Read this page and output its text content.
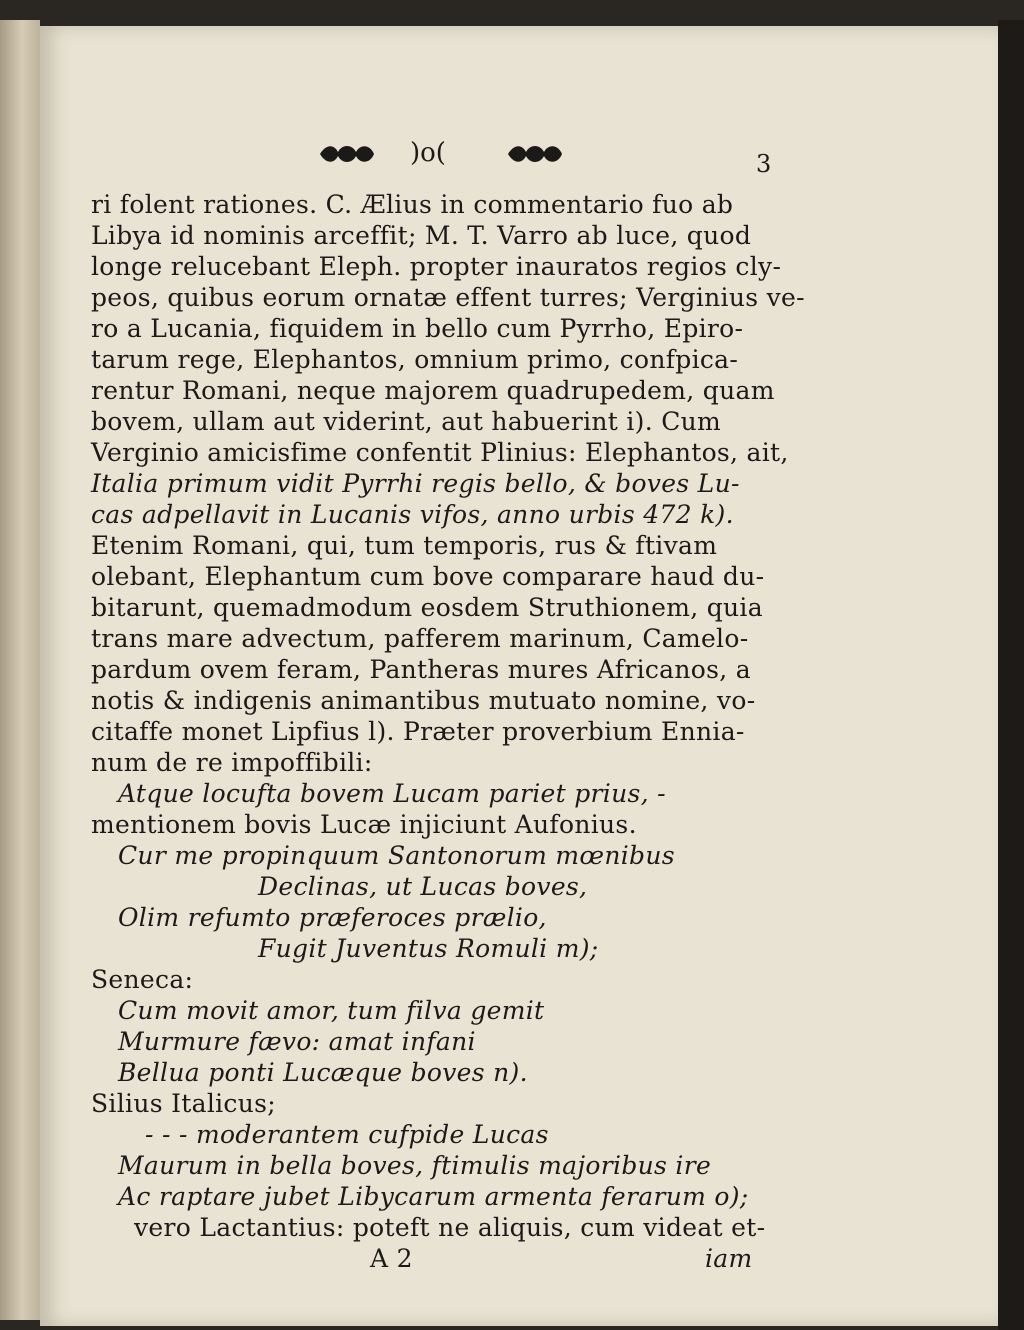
)o(	3
ri folent rationes. C. Ælius in commentario fuo ab
Libya id nominis arceffit; M. T. Varro ab luce, quod
longe relucebant Eleph. propter inauratos regios cly-
peos, quibus eorum ornatæ effent turres; Verginius ve-
ro a Lucania, fiquidem in bello cum Pyrrho, Epiro-
tarum rege, Elephantos, omnium primo, confpica-
rentur Romani, neque majorem quadrupedem, quam
bovem, ullam aut viderint, aut habuerint i). Cum
Verginio amicisfime confentit Plinius: Elephantos, ait,
Italia primum vidit Pyrrhi regis bello, & boves Lu-
cas adpellavit in Lucanis vifos, anno urbis 472 k).
Etenim Romani, qui, tum temporis, rus & ftivam
olebant, Elephantum cum bove comparare haud du-
bitarunt, quemadmodum eosdem Struthionem, quia
trans mare advectum, pafferem marinum, Camelo-
pardum ovem feram, Pantheras mures Africanos, a
notis & indigenis animantibus mutuato nomine, vo-
citaffe monet Lipfius l). Præter proverbium Ennia-
num de re impoffibili:
Atque locufta bovem Lucam pariet prius, -
mentionem bovis Lucæ injiciunt Aufonius.
Cur me propinquum Santonorum mœnibus
Declinas, ut Lucas boves,
Olim refumto præferoces prælio,
Fugit Juventus Romuli m);
Seneca:
Cum movit amor, tum filva gemit
Murmure fævo: amat infani
Bellua ponti Lucæque boves n).
Silius Italicus;
- - - moderantem cufpide Lucas
Maurum in bella boves, ftimulis majoribus ire
Ac raptare jubet Libycarum armenta ferarum o);
vero Lactantius: poteft ne aliquis, cum videat et-
A 2	iam
